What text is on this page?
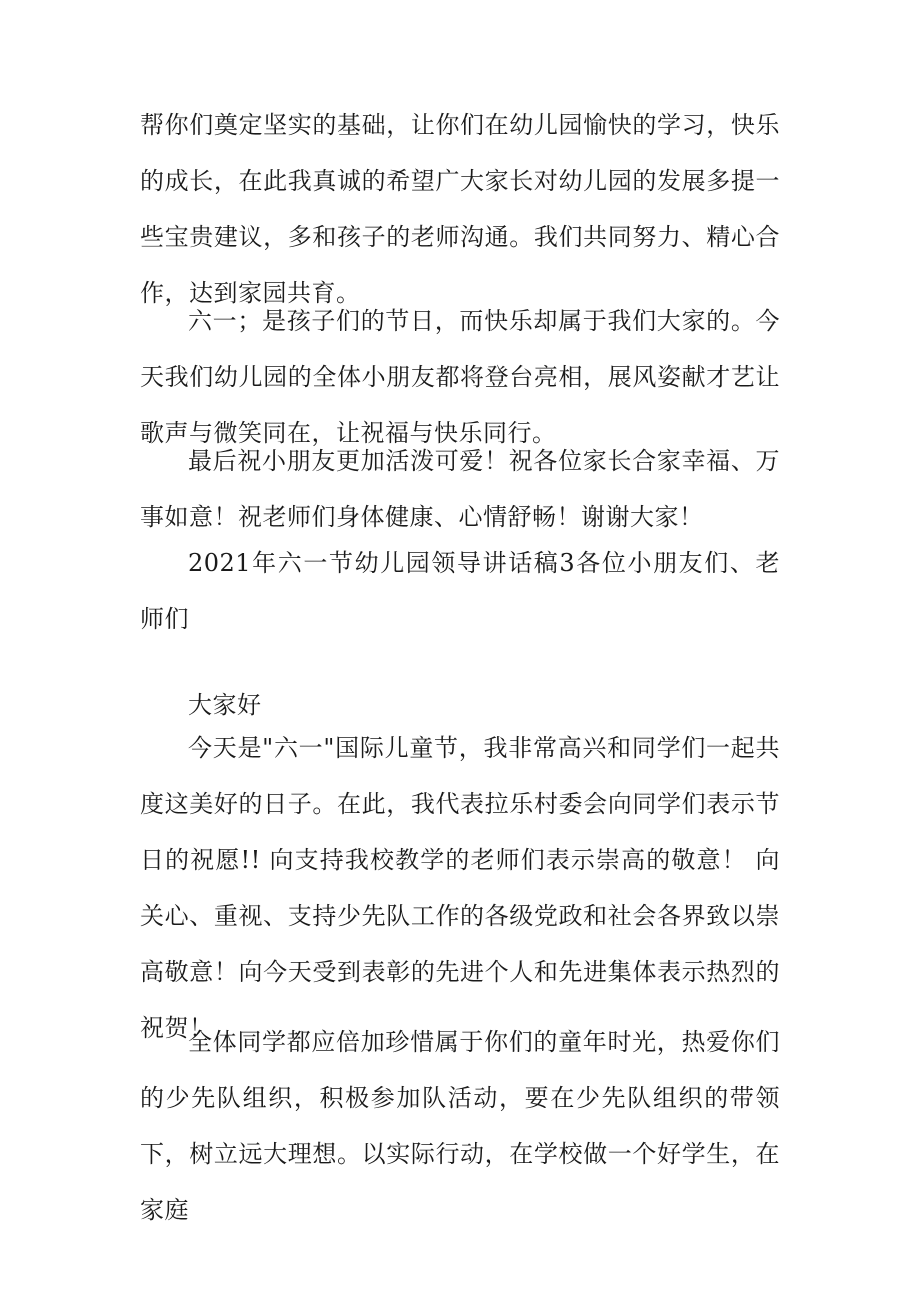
帮你们奠定坚实的基础，让你们在幼儿园愉快的学习，快乐的成长，在此我真诚的希望广大家长对幼儿园的发展多提一些宝贵建议，多和孩子的老师沟通。我们共同努力、精心合作，达到家园共育。

六一；是孩子们的节日，而快乐却属于我们大家的。今天我们幼儿园的全体小朋友都将登台亮相，展风姿献才艺让歌声与微笑同在，让祝福与快乐同行。

最后祝小朋友更加活泼可爱！祝各位家长合家幸福、万事如意！祝老师们身体健康、心情舒畅！谢谢大家！

2021年六一节幼儿园领导讲话稿3各位小朋友们、老师们

大家好

今天是"六一"国际儿童节，我非常高兴和同学们一起共度这美好的日子。在此，我代表拉乐村委会向同学们表示节日的祝愿!! 向支持我校教学的老师们表示崇高的敬意！ 向关心、重视、支持少先队工作的各级党政和社会各界致以崇高敬意！向今天受到表彰的先进个人和先进集体表示热烈的祝贺！

全体同学都应倍加珍惜属于你们的童年时光，热爱你们的少先队组织，积极参加队活动，要在少先队组织的带领下，树立远大理想。以实际行动，在学校做一个好学生，在家庭
